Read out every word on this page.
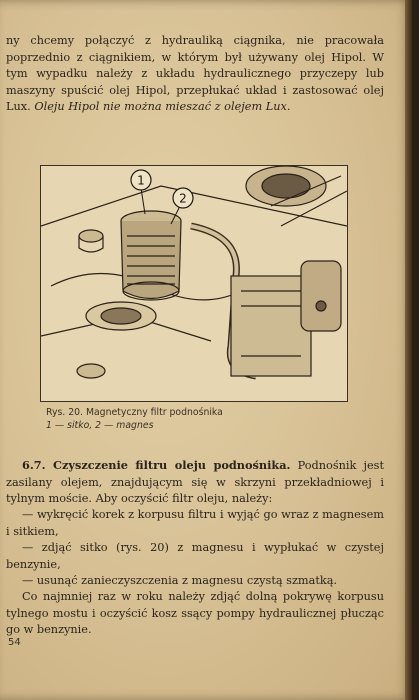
ny chcemy połączyć z hydrauliką ciągnika, nie pracowała poprzednio z ciągnikiem, w którym był używany olej Hipol. W tym wypadku należy z układu hydraulicznego przyczepy lub maszyny spuścić olej Hipol, przepłukać układ i zastosować olej Lux. Oleju Hipol nie można mieszać z olejem Lux.

1
2
Rys. 20. Magnetyczny filtr podnośnika
1 — sitko, 2 — magnes

6.7. Czyszczenie filtru oleju podnośnika. Podnośnik jest zasilany olejem, znajdującym się w skrzyni przekładniowej i tylnym moście. Aby oczyścić filtr oleju, należy:

— wykręcić korek z korpusu filtru i wyjąć go wraz z magnesem i sitkiem,

— zdjąć sitko (rys. 20) z magnesu i wypłukać w czystej benzynie,

— usunąć zanieczyszczenia z magnesu czystą szmatką.

Co najmniej raz w roku należy zdjąć dolną pokrywę korpusu tylnego mostu i oczyścić kosz ssący pompy hydraulicznej płucząc go w benzynie.

54
